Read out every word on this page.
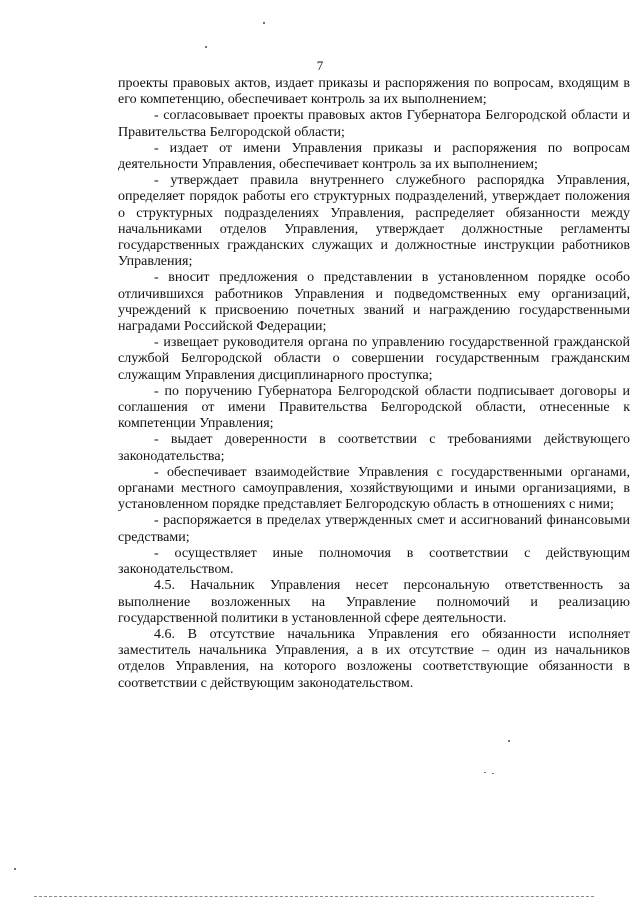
7

проекты правовых актов, издает приказы и распоряжения по вопросам, входящим в его компетенцию, обеспечивает контроль за их выполнением;

- согласовывает проекты правовых актов Губернатора Белгородской области и Правительства Белгородской области;

- издает от имени Управления приказы и распоряжения по вопросам деятельности Управления, обеспечивает контроль за их выполнением;

- утверждает правила внутреннего служебного распорядка Управления, определяет порядок работы его структурных подразделений, утверждает положения о структурных подразделениях Управления, распределяет обязанности между начальниками отделов Управления, утверждает должностные регламенты государственных гражданских служащих и должностные инструкции работников Управления;

- вносит предложения о представлении в установленном порядке особо отличившихся работников Управления и подведомственных ему организаций, учреждений к присвоению почетных званий и награждению государственными наградами Российской Федерации;

- извещает руководителя органа по управлению государственной гражданской службой Белгородской области о совершении государственным гражданским служащим Управления дисциплинарного проступка;

- по поручению Губернатора Белгородской области подписывает договоры и соглашения от имени Правительства Белгородской области, отнесенные к компетенции Управления;

- выдает доверенности в соответствии с требованиями действующего законодательства;

- обеспечивает взаимодействие Управления с государственными органами, органами местного самоуправления, хозяйствующими и иными организациями, в установленном порядке представляет Белгородскую область в отношениях с ними;

- распоряжается в пределах утвержденных смет и ассигнований финансовыми средствами;

- осуществляет иные полномочия в соответствии с действующим законодательством.

4.5. Начальник Управления несет персональную ответственность за выполнение возложенных на Управление полномочий и реализацию государственной политики в установленной сфере деятельности.

4.6. В отсутствие начальника Управления его обязанности исполняет заместитель начальника Управления, а в их отсутствие – один из начальников отделов Управления, на которого возложены соответствующие обязанности в соответствии с действующим законодательством.
